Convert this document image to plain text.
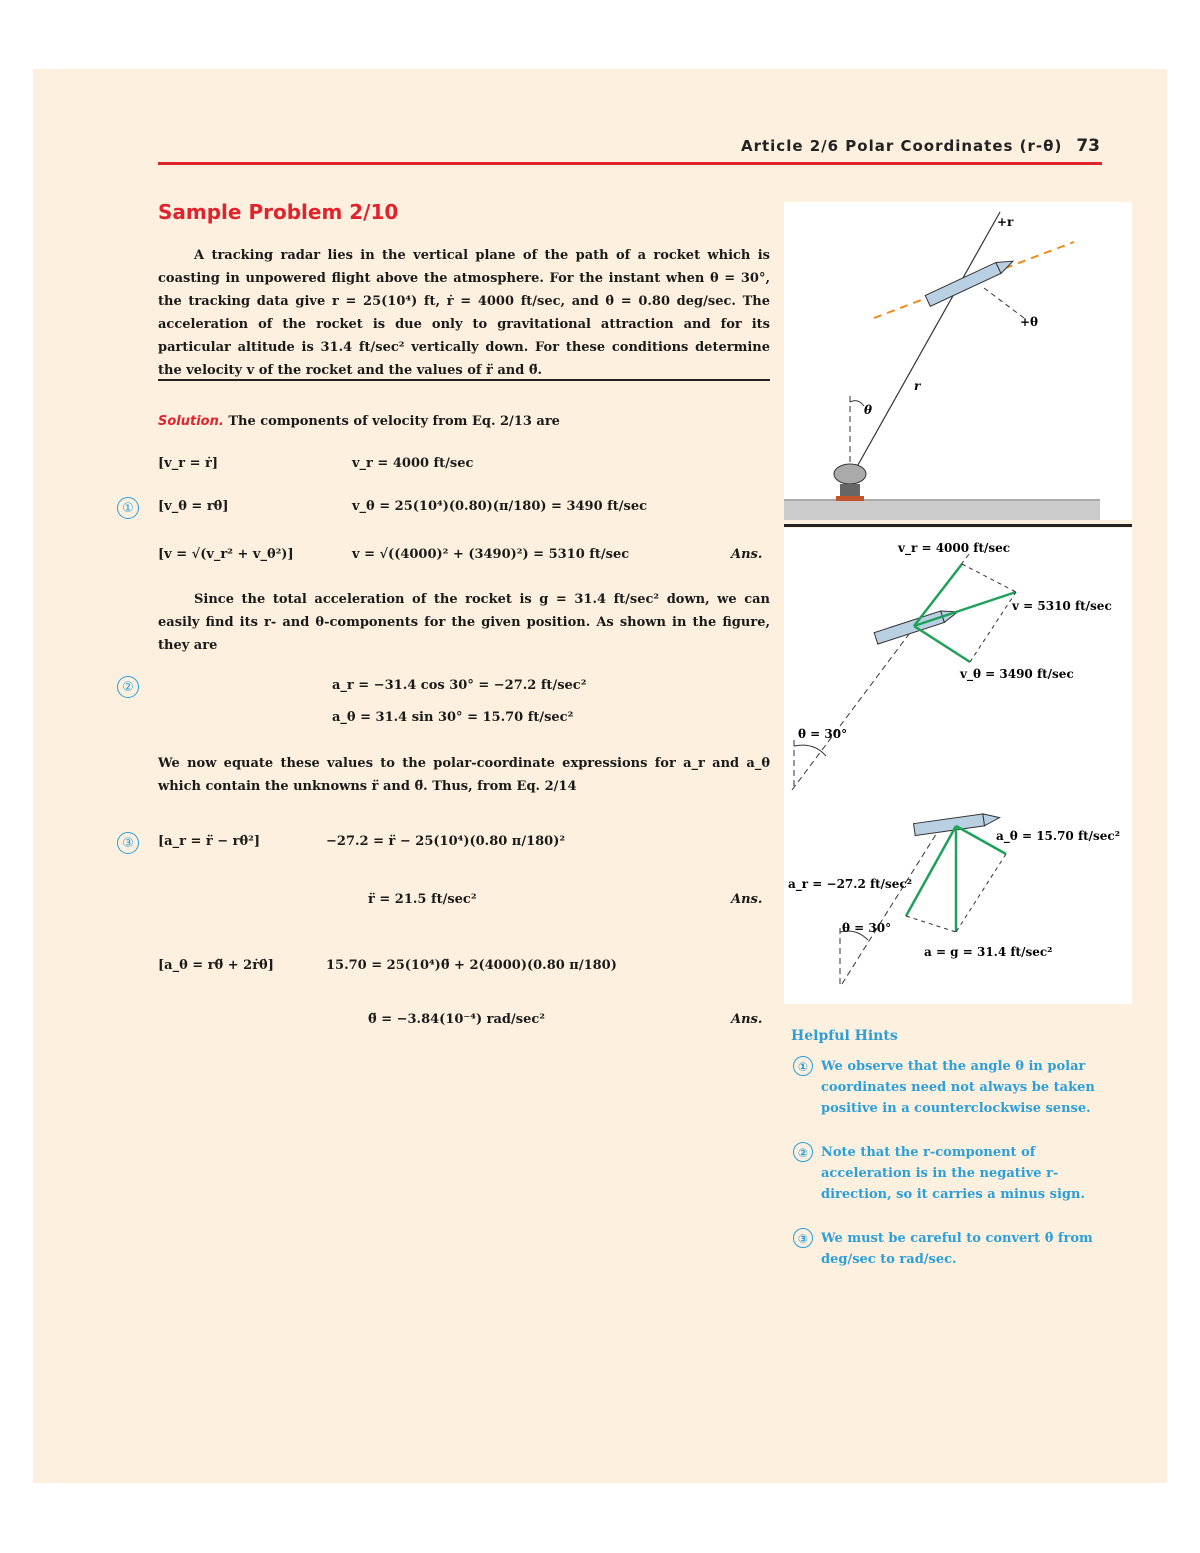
Article 2/6 Polar Coordinates (r-θ) 73
Sample Problem 2/10
A tracking radar lies in the vertical plane of the path of a rocket which is coasting in unpowered flight above the atmosphere. For the instant when θ = 30°, the tracking data give r = 25(10⁴) ft, ṙ = 4000 ft/sec, and θ̇ = 0.80 deg/sec. The acceleration of the rocket is due only to gravitational attraction and for its particular altitude is 31.4 ft/sec² vertically down. For these conditions determine the velocity v of the rocket and the values of r̈ and θ̈.
Solution. The components of velocity from Eq. 2/13 are
[v_r = ṙ]	v_r = 4000 ft/sec
①	[v_θ = rθ̇]	v_θ = 25(10⁴)(0.80)(π/180) = 3490 ft/sec
[v = √(v_r² + v_θ²)]	v = √((4000)² + (3490)²) = 5310 ft/sec	Ans.
Since the total acceleration of the rocket is g = 31.4 ft/sec² down, we can easily find its r- and θ-components for the given position. As shown in the figure, they are
②	a_r = −31.4 cos 30° = −27.2 ft/sec²
a_θ = 31.4 sin 30° = 15.70 ft/sec²
We now equate these values to the polar-coordinate expressions for a_r and a_θ which contain the unknowns r̈ and θ̈. Thus, from Eq. 2/14
③	[a_r = r̈ − rθ̇²]	−27.2 = r̈ − 25(10⁴)(0.80 π/180)²
r̈ = 21.5 ft/sec²	Ans.
[a_θ = rθ̈ + 2ṙθ̇]	15.70 = 25(10⁴)θ̈ + 2(4000)(0.80 π/180)
θ̈ = −3.84(10⁻⁴) rad/sec²	Ans.
+r
+θ
r
θ
v_r = 4000 ft/sec
v = 5310 ft/sec
v_θ = 3490 ft/sec
θ = 30°
a_θ = 15.70 ft/sec²
a_r = −27.2 ft/sec²
θ = 30°
a = g = 31.4 ft/sec²
Helpful Hints
① We observe that the angle θ in polar coordinates need not always be taken positive in a counterclockwise sense.
② Note that the r-component of acceleration is in the negative r-direction, so it carries a minus sign.
③ We must be careful to convert θ̇ from deg/sec to rad/sec.
